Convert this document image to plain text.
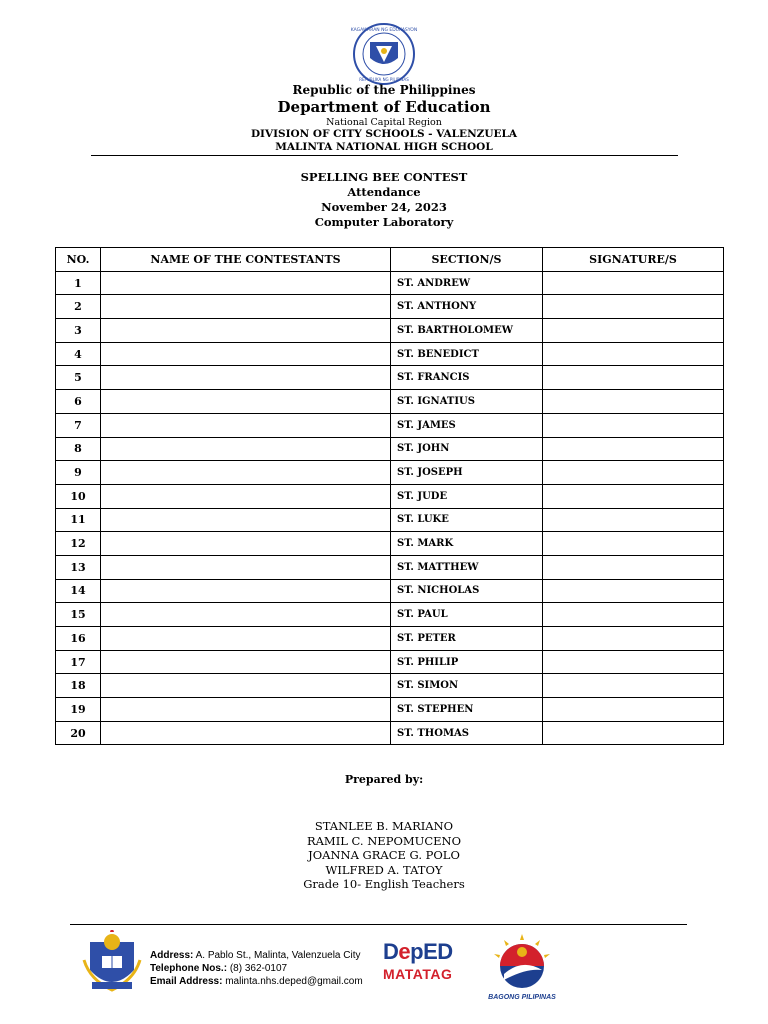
KAGAWARAN NG EDUKASYON
REPUBLIKA NG PILIPINAS
Republic of the Philippines
Department of Education
National Capital Region
DIVISION OF CITY SCHOOLS - VALENZUELA
MALINTA NATIONAL HIGH SCHOOL
SPELLING BEE CONTEST
Attendance
November 24, 2023
Computer Laboratory
NO.	NAME OF THE CONTESTANTS	SECTION/S	SIGNATURE/S
1		ST. ANDREW	
2		ST. ANTHONY	
3		ST. BARTHOLOMEW	
4		ST. BENEDICT	
5		ST. FRANCIS	
6		ST. IGNATIUS	
7		ST. JAMES	
8		ST. JOHN	
9		ST. JOSEPH	
10		ST. JUDE	
11		ST. LUKE	
12		ST. MARK	
13		ST. MATTHEW	
14		ST. NICHOLAS	
15		ST. PAUL	
16		ST. PETER	
17		ST. PHILIP	
18		ST. SIMON	
19		ST. STEPHEN	
20		ST. THOMAS	
Prepared by:
STANLEE B. MARIANO
RAMIL C. NEPOMUCENO
JOANNA GRACE G. POLO
WILFRED A. TATOY
Grade 10- English Teachers
Address: A. Pablo St., Malinta, Valenzuela City
Telephone Nos.: (8) 362-0107
Email Address: malinta.nhs.deped@gmail.com
DepED
MATATAG
BAGONG PILIPINAS
